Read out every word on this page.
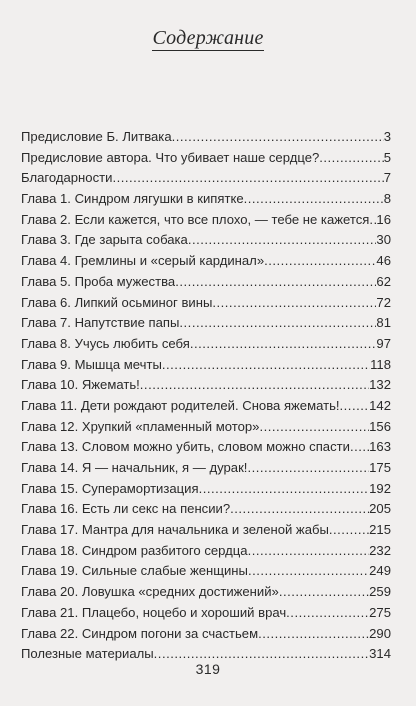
Содержание
Предисловие Б. Литвака .....	3
Предисловие автора. Что убивает наше сердце? .....	5
Благодарности .....	7
Глава 1. Синдром лягушки в кипятке .....	8
Глава 2. Если кажется, что все плохо, — тебе не кажется ..... 16
Глава 3. Где зарыта собака .....	30
Глава 4. Гремлины и «серый кардинал» .....	46
Глава 5. Проба мужества .....	62
Глава 6. Липкий осьминог вины .....	72
Глава 7. Напутствие папы .....	81
Глава 8. Учусь любить себя .....	97
Глава 9. Мышца мечты .....	118
Глава 10. Яжемать! .....	132
Глава 11. Дети рождают родителей. Снова яжемать! ..... 142
Глава 12. Хрупкий «пламенный мотор» .....	156
Глава 13. Словом можно убить, словом можно спасти ..... 163
Глава 14. Я — начальник, я — дурак! .....	175
Глава 15. Суперамортизация .....	192
Глава 16. Есть ли секс на пенсии? .....	205
Глава 17. Мантра для начальника и зеленой жабы .....	215
Глава 18. Синдром разбитого сердца .....	232
Глава 19. Сильные слабые женщины .....	249
Глава 20. Ловушка «средних достижений» .....	259
Глава 21. Плацебо, ноцебо и хороший врач .....	275
Глава 22. Синдром погони за счастьем .....	290
Полезные материалы .....	314
319
